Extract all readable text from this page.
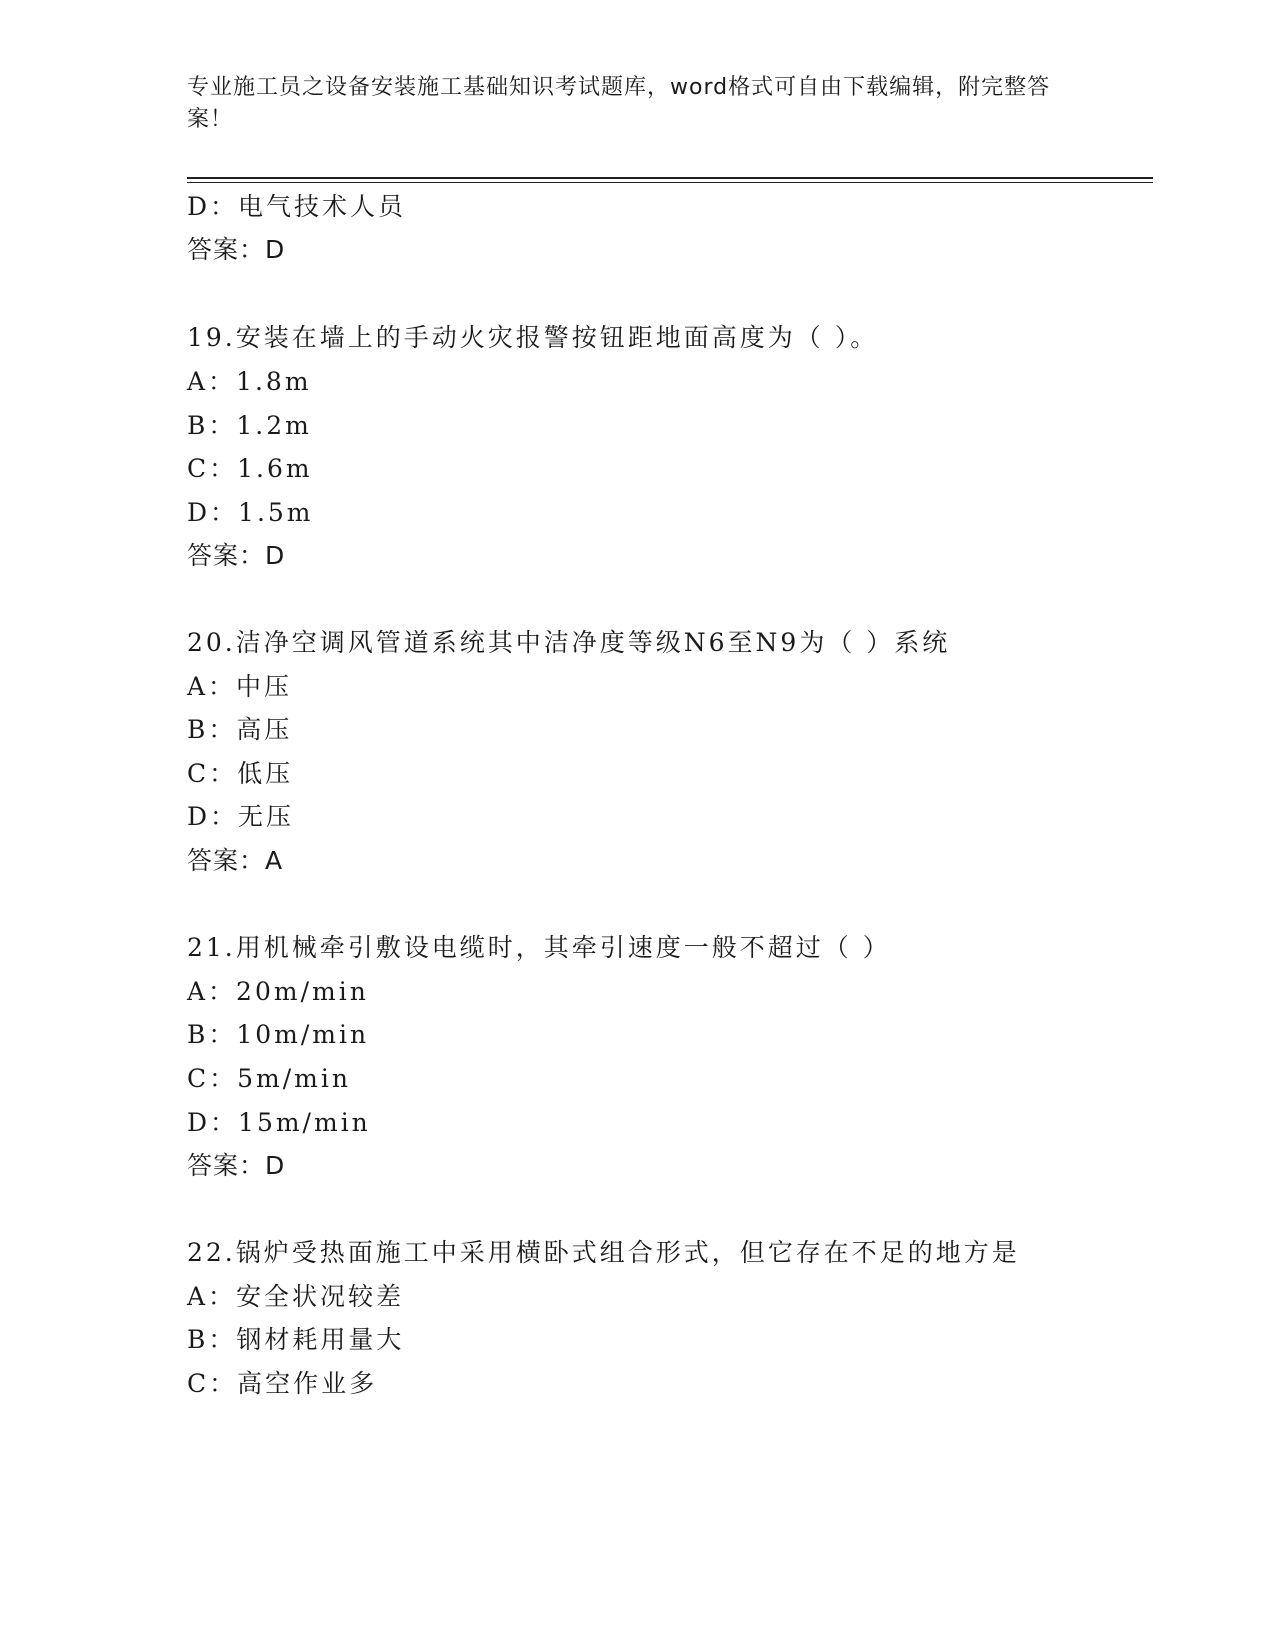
专业施工员之设备安装施工基础知识考试题库，word格式可自由下载编辑，附完整答案！
D：电气技术人员
答案：D
19.安装在墙上的手动火灾报警按钮距地面高度为（ ）。
A：1.8m
B：1.2m
C：1.6m
D：1.5m
答案：D
20.洁净空调风管道系统其中洁净度等级N6至N9为（ ）系统
A：中压
B：高压
C：低压
D：无压
答案：A
21.用机械牵引敷设电缆时，其牵引速度一般不超过（ ）
A：20m/min
B：10m/min
C：5m/min
D：15m/min
答案：D
22.锅炉受热面施工中采用横卧式组合形式，但它存在不足的地方是
A：安全状况较差
B：钢材耗用量大
C：高空作业多
